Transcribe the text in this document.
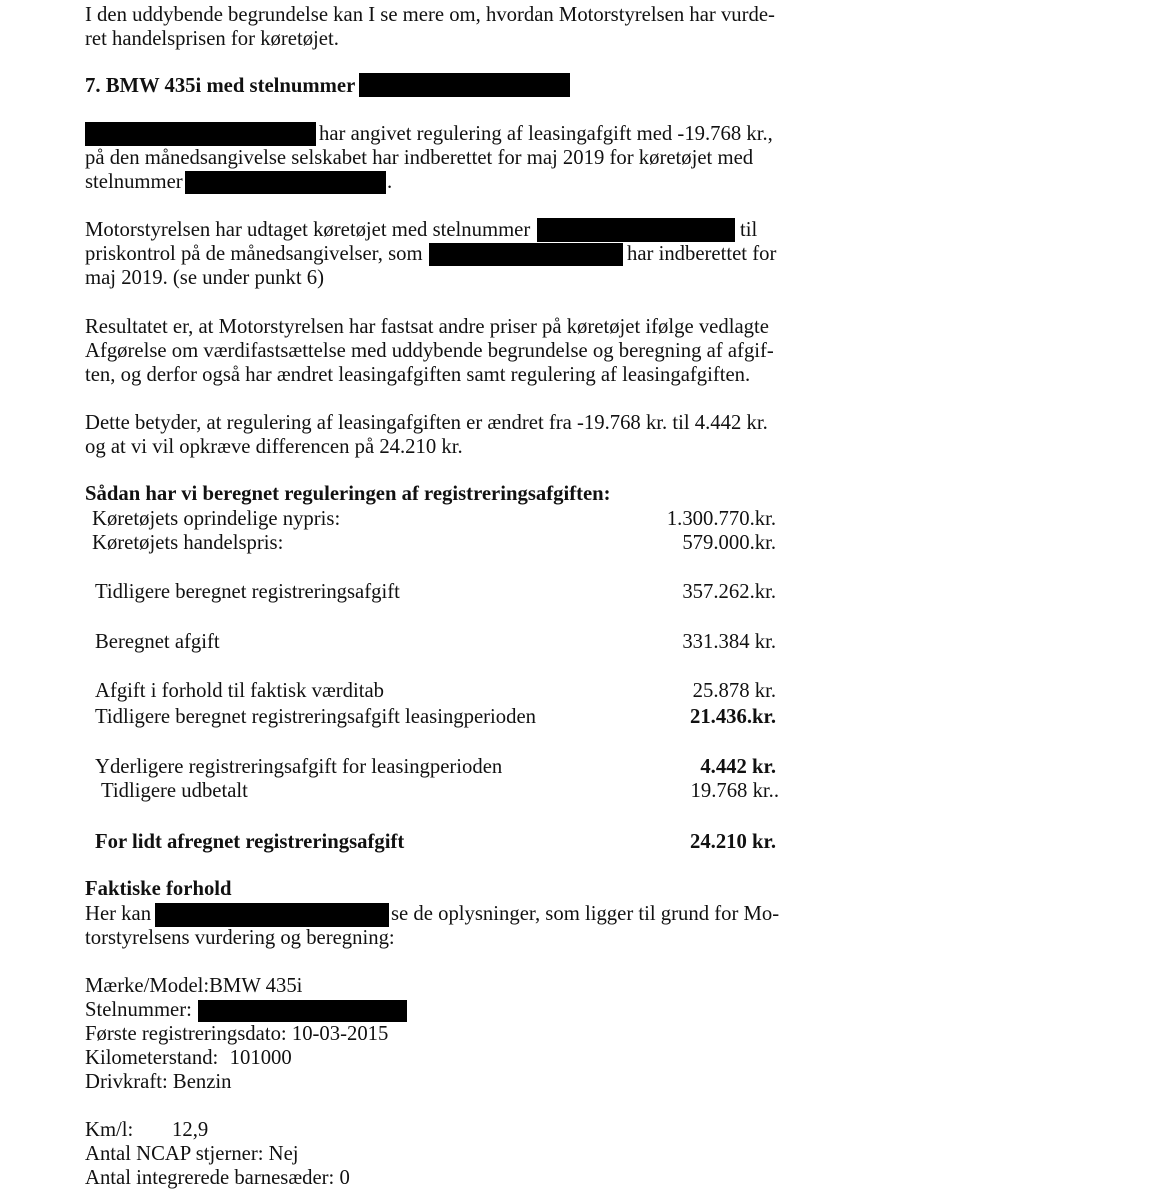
I den uddybende begrundelse kan I se mere om, hvordan Motorstyrelsen har vurde-
ret handelsprisen for køretøjet.
7. BMW 435i med stelnummer
har angivet regulering af leasingafgift med -19.768 kr.,
på den månedsangivelse selskabet har indberettet for maj 2019 for køretøjet med
stelnummer	.
Motorstyrelsen har udtaget køretøjet med stelnummer	til
priskontrol på de månedsangivelser, som	har indberettet for
maj 2019. (se under punkt 6)
Resultatet er, at Motorstyrelsen har fastsat andre priser på køretøjet ifølge vedlagte
Afgørelse om værdifastsættelse med uddybende begrundelse og beregning af afgif-
ten, og derfor også har ændret leasingafgiften samt regulering af leasingafgiften.
Dette betyder, at regulering af leasingafgiften er ændret fra -19.768 kr. til 4.442 kr.
og at vi vil opkræve differencen på 24.210 kr.
Sådan har vi beregnet reguleringen af registreringsafgiften:
Køretøjets oprindelige nypris:	1.300.770.kr.
Køretøjets handelspris:	579.000.kr.
Tidligere beregnet registreringsafgift	357.262.kr.
Beregnet afgift	331.384 kr.
Afgift i forhold til faktisk værditab	25.878 kr.
Tidligere beregnet registreringsafgift leasingperioden	21.436.kr.
Yderligere registreringsafgift for leasingperioden	4.442 kr.
Tidligere udbetalt	19.768 kr..
For lidt afregnet registreringsafgift	24.210 kr.
Faktiske forhold
Her kan	se de oplysninger, som ligger til grund for Mo-
torstyrelsens vurdering og beregning:
Mærke/Model:BMW 435i
Stelnummer:
Første registreringsdato: 10-03-2015
Kilometerstand: 101000
Drivkraft: Benzin
Km/l: 12,9
Antal NCAP stjerner: Nej
Antal integrerede barnesæder: 0
